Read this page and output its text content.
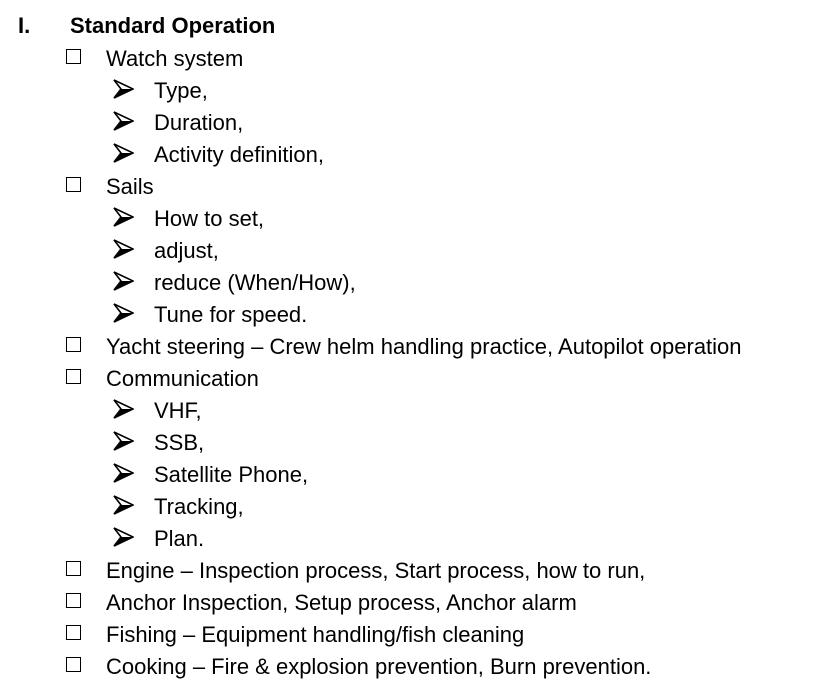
I. Standard Operation
Watch system
Type,
Duration,
Activity definition,
Sails
How to set,
adjust,
reduce (When/How),
Tune for speed.
Yacht steering – Crew helm handling practice, Autopilot operation
Communication
VHF,
SSB,
Satellite Phone,
Tracking,
Plan.
Engine – Inspection process, Start process, how to run,
Anchor Inspection, Setup process, Anchor alarm
Fishing – Equipment handling/fish cleaning
Cooking – Fire & explosion prevention, Burn prevention.
